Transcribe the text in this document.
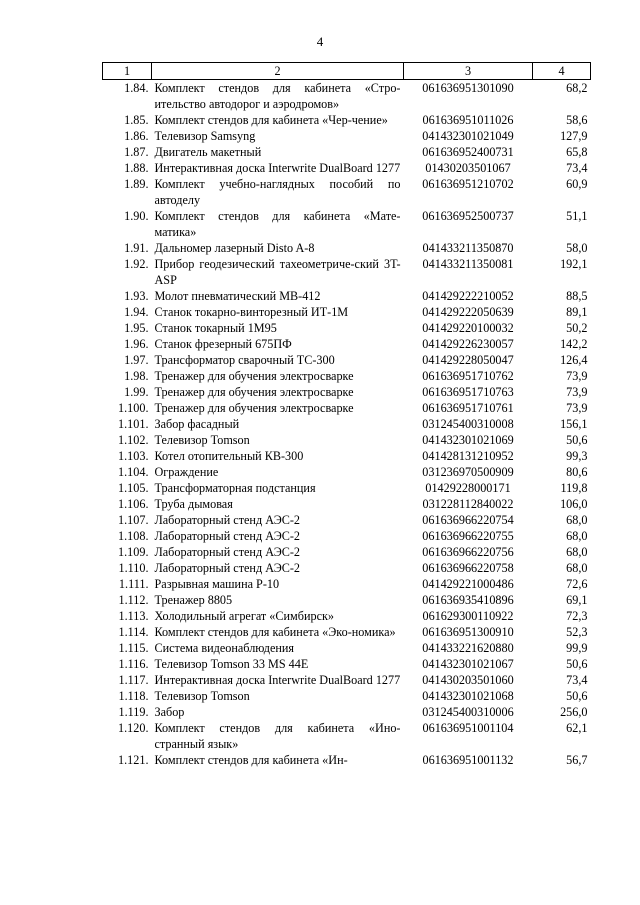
4
1	2	3	4
1.84.	Комплект стендов для кабинета «Стро-ительство автодорог и аэродромов»	061636951301090	68,2
1.85.	Комплект стендов для кабинета «Чер-чение»	061636951011026	58,6
1.86.	Телевизор Samsyng	041432301021049	127,9
1.87.	Двигатель макетный	061636952400731	65,8
1.88.	Интерактивная доска Interwrite DualBoard 1277	01430203501067	73,4
1.89.	Комплект учебно-наглядных пособий по автоделу	061636951210702	60,9
1.90.	Комплект стендов для кабинета «Мате-матика»	061636952500737	51,1
1.91.	Дальномер лазерный Disto A-8	041433211350870	58,0
1.92.	Прибор геодезический тахеометриче-ский 3T-ASP	041433211350081	192,1
1.93.	Молот пневматический МВ-412	041429222210052	88,5
1.94.	Станок токарно-винторезный ИТ-1М	041429222050639	89,1
1.95.	Станок токарный 1М95	041429220100032	50,2
1.96.	Станок фрезерный 675ПФ	041429226230057	142,2
1.97.	Трансформатор сварочный ТС-300	041429228050047	126,4
1.98.	Тренажер для обучения электросварке	061636951710762	73,9
1.99.	Тренажер для обучения электросварке	061636951710763	73,9
1.100.	Тренажер для обучения электросварке	061636951710761	73,9
1.101.	Забор фасадный	031245400310008	156,1
1.102.	Телевизор Tomson	041432301021069	50,6
1.103.	Котел отопительный КВ-300	041428131210952	99,3
1.104.	Ограждение	031236970500909	80,6
1.105.	Трансформаторная подстанция	01429228000171	119,8
1.106.	Труба дымовая	031228112840022	106,0
1.107.	Лабораторный стенд АЭС-2	061636966220754	68,0
1.108.	Лабораторный стенд АЭС-2	061636966220755	68,0
1.109.	Лабораторный стенд АЭС-2	061636966220756	68,0
1.110.	Лабораторный стенд АЭС-2	061636966220758	68,0
1.111.	Разрывная машина Р-10	041429221000486	72,6
1.112.	Тренажер 8805	061636935410896	69,1
1.113.	Холодильный агрегат «Симбирск»	061629300110922	72,3
1.114.	Комплект стендов для кабинета «Эко-номика»	061636951300910	52,3
1.115.	Система видеонаблюдения	041433221620880	99,9
1.116.	Телевизор Tomson 33 MS 44E	041432301021067	50,6
1.117.	Интерактивная доска Interwrite DualBoard 1277	041430203501060	73,4
1.118.	Телевизор Tomson	041432301021068	50,6
1.119.	Забор	031245400310006	256,0
1.120.	Комплект стендов для кабинета «Ино-странный язык»	061636951001104	62,1
1.121.	Комплект стендов для кабинета «Ин-	061636951001132	56,7
